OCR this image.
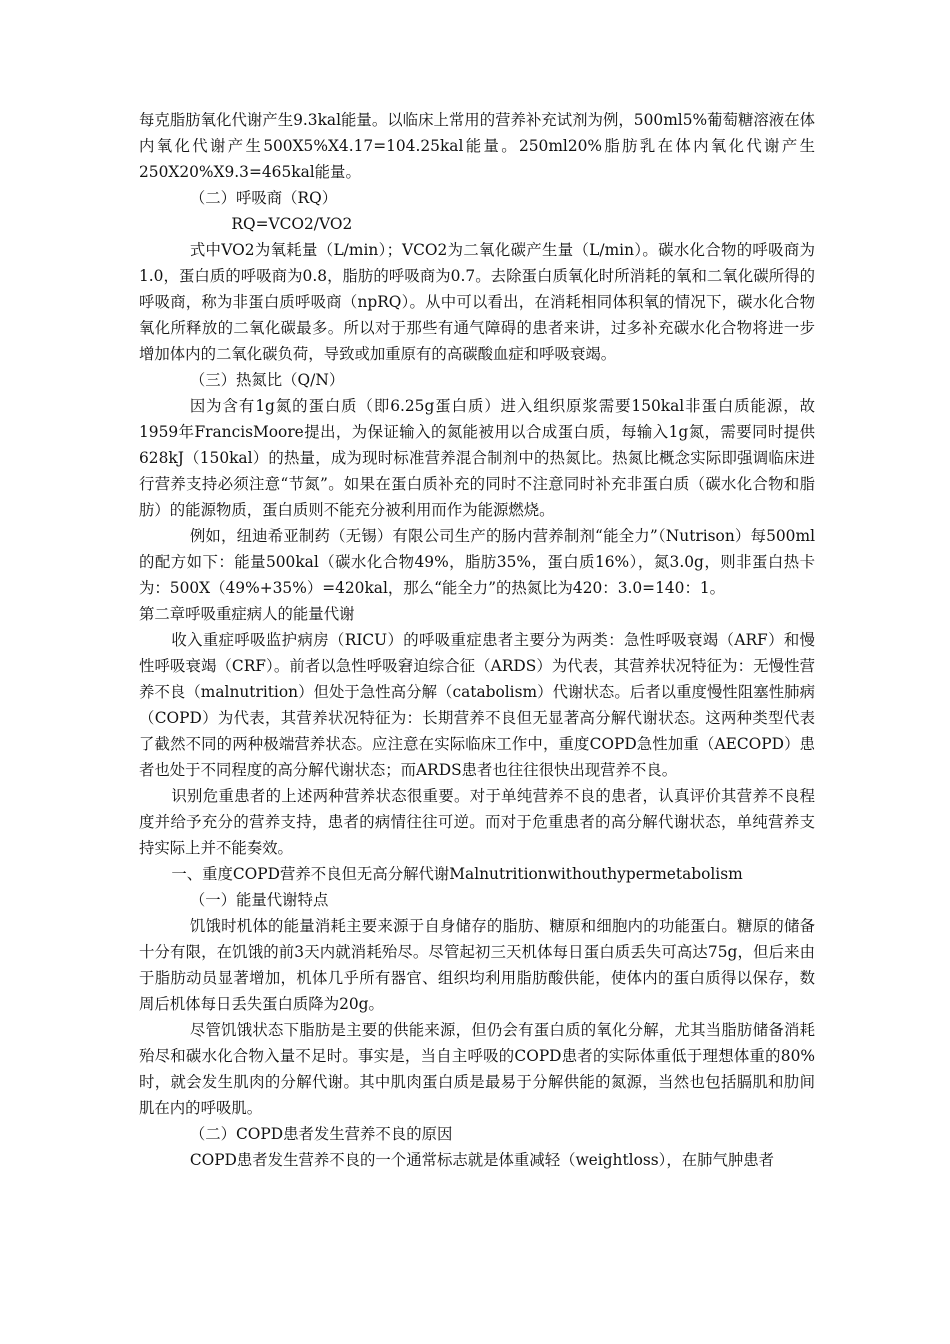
每克脂肪氧化代谢产生9.3kal能量。以临床上常用的营养补充试剂为例，500ml5%葡萄糖溶液在体内氧化代谢产生500X5%X4.17=104.25kal能量。250ml20%脂肪乳在体内氧化代谢产生250X20%X9.3=465kal能量。

（二）呼吸商（RQ）

RQ=VCO2/VO2

式中VO2为氧耗量（L/min）；VCO2为二氧化碳产生量（L/min）。碳水化合物的呼吸商为1.0，蛋白质的呼吸商为0.8，脂肪的呼吸商为0.7。去除蛋白质氧化时所消耗的氧和二氧化碳所得的呼吸商，称为非蛋白质呼吸商（npRQ）。从中可以看出，在消耗相同体积氧的情况下，碳水化合物氧化所释放的二氧化碳最多。所以对于那些有通气障碍的患者来讲，过多补充碳水化合物将进一步增加体内的二氧化碳负荷，导致或加重原有的高碳酸血症和呼吸衰竭。

（三）热氮比（Q/N）

因为含有1g氮的蛋白质（即6.25g蛋白质）进入组织原浆需要150kal非蛋白质能源，故1959年FrancisMoore提出，为保证输入的氮能被用以合成蛋白质，每输入1g氮，需要同时提供628kJ（150kal）的热量，成为现时标准营养混合制剂中的热氮比。热氮比概念实际即强调临床进行营养支持必须注意“节氮”。如果在蛋白质补充的同时不注意同时补充非蛋白质（碳水化合物和脂肪）的能源物质，蛋白质则不能充分被利用而作为能源燃烧。

例如，纽迪希亚制药（无锡）有限公司生产的肠内营养制剂“能全力”（Nutrison）每500ml的配方如下：能量500kal（碳水化合物49%，脂肪35%，蛋白质16%），氮3.0g，则非蛋白热卡为：500X（49%+35%）=420kal，那么“能全力”的热氮比为420：3.0=140：1。

第二章呼吸重症病人的能量代谢

收入重症呼吸监护病房（RICU）的呼吸重症患者主要分为两类：急性呼吸衰竭（ARF）和慢性呼吸衰竭（CRF）。前者以急性呼吸窘迫综合征（ARDS）为代表，其营养状况特征为：无慢性营养不良（malnutrition）但处于急性高分解（catabolism）代谢状态。后者以重度慢性阻塞性肺病（COPD）为代表，其营养状况特征为：长期营养不良但无显著高分解代谢状态。这两种类型代表了截然不同的两种极端营养状态。应注意在实际临床工作中，重度COPD急性加重（AECOPD）患者也处于不同程度的高分解代谢状态；而ARDS患者也往往很快出现营养不良。

识别危重患者的上述两种营养状态很重要。对于单纯营养不良的患者，认真评价其营养不良程度并给予充分的营养支持，患者的病情往往可逆。而对于危重患者的高分解代谢状态，单纯营养支持实际上并不能奏效。

一、重度COPD营养不良但无高分解代谢Malnutritionwithouthypermetabolism

（一）能量代谢特点

饥饿时机体的能量消耗主要来源于自身储存的脂肪、糖原和细胞内的功能蛋白。糖原的储备十分有限，在饥饿的前3天内就消耗殆尽。尽管起初三天机体每日蛋白质丢失可高达75g，但后来由于脂肪动员显著增加，机体几乎所有器官、组织均利用脂肪酸供能，使体内的蛋白质得以保存，数周后机体每日丢失蛋白质降为20g。

尽管饥饿状态下脂肪是主要的供能来源，但仍会有蛋白质的氧化分解，尤其当脂肪储备消耗殆尽和碳水化合物入量不足时。事实是，当自主呼吸的COPD患者的实际体重低于理想体重的80%时，就会发生肌肉的分解代谢。其中肌肉蛋白质是最易于分解供能的氮源，当然也包括膈肌和肋间肌在内的呼吸肌。

（二）COPD患者发生营养不良的原因

COPD患者发生营养不良的一个通常标志就是体重减轻（weightloss），在肺气肿患者
